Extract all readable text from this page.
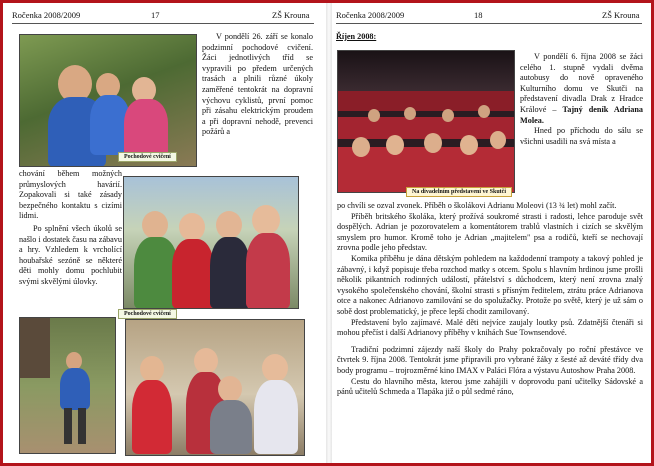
Ročenka 2008/2009	17	ZŠ Krouna
Pochodové cvičení

V pondělí 26. září se konalo podzimní pochodové cvičení. Žáci jednotlivých tříd se vypravili po předem určených trasách a plnili různé úkoly zaměřené tentokrát na dopravní výchovu cyklistů, první pomoc při zásahu elektrickým proudem a při dopravní nehodě, prevenci požárů a

chování během možných průmyslových havárií. Zopakovali si také zásady bezpečného kontaktu s cizími lidmi.

Po splnění všech úkolů se našlo i dostatek času na zábavu a hry. Vzhledem k vrcholící houbařské sezóně se některé děti mohly domu pochlubit svými skvělými úlovky.

Pochodové cvičení
Ročenka 2008/2009	18	ZŠ Krouna
Říjen 2008:
Na divadelním představení ve Skutči

V pondělí 6. října 2008 se žáci celého 1. stupně vydali dvěma autobusy do nově opraveného Kulturního domu ve Skutči na představení divadla Drak z Hradce Králové – Tajný deník Adriana Molea.

Hned po příchodu do sálu se všichni usadili na svá místa a

po chvíli se ozval zvonek. Příběh o školákovi Adrianu Moleovi (13 ¾ let) mohl začít.

Příběh britského školáka, který prožívá soukromé strasti i radosti, lehce paroduje svět dospělých. Adrian je pozorovatelem a komentátorem trablů vlastních i cizích se skvělým smyslem pro humor. Kromě toho je Adrian „majitelem" psa a rodičů, kteří se nechovají zrovna podle jeho představ.

Komika příběhu je dána dětským pohledem na každodenní trampoty a takový pohled je zábavný, i když popisuje třeba rozchod matky s otcem. Spolu s hlavním hrdinou jsme prošli několik pikantních rodinných událostí, přátelství s důchodcem, který není zrovna znalý vysokého společenského chování, školní strasti s přísným ředitelem, ztrátu práce Adrianova otce a nakonec Adrianovo zamilování se do spolužačky. Protože po světě, který je už sám o sobě dost problematický, je přece lepší chodit zamilovaný.

Představení bylo zajímavé. Malé děti nejvíce zaujaly loutky psů. Zdatnější čtenáři si mohou přečíst i další Adrianovy příběhy v knihách Sue Townsendové.

Tradiční podzimní zájezdy naší školy do Prahy pokračovaly po roční přestávce ve čtvrtek 9. října 2008. Tentokrát jsme připravili pro vybrané žáky z šesté až deváté třídy dva body programu – trojrozměrné kino IMAX v Paláci Flóra a výstavu Autoshow Praha 2008.

Cestu do hlavního města, kterou jsme zahájili v doprovodu paní učitelky Sádovské a pánů učitelů Schmeda a Tlapáka již o půl sedmé ráno,
